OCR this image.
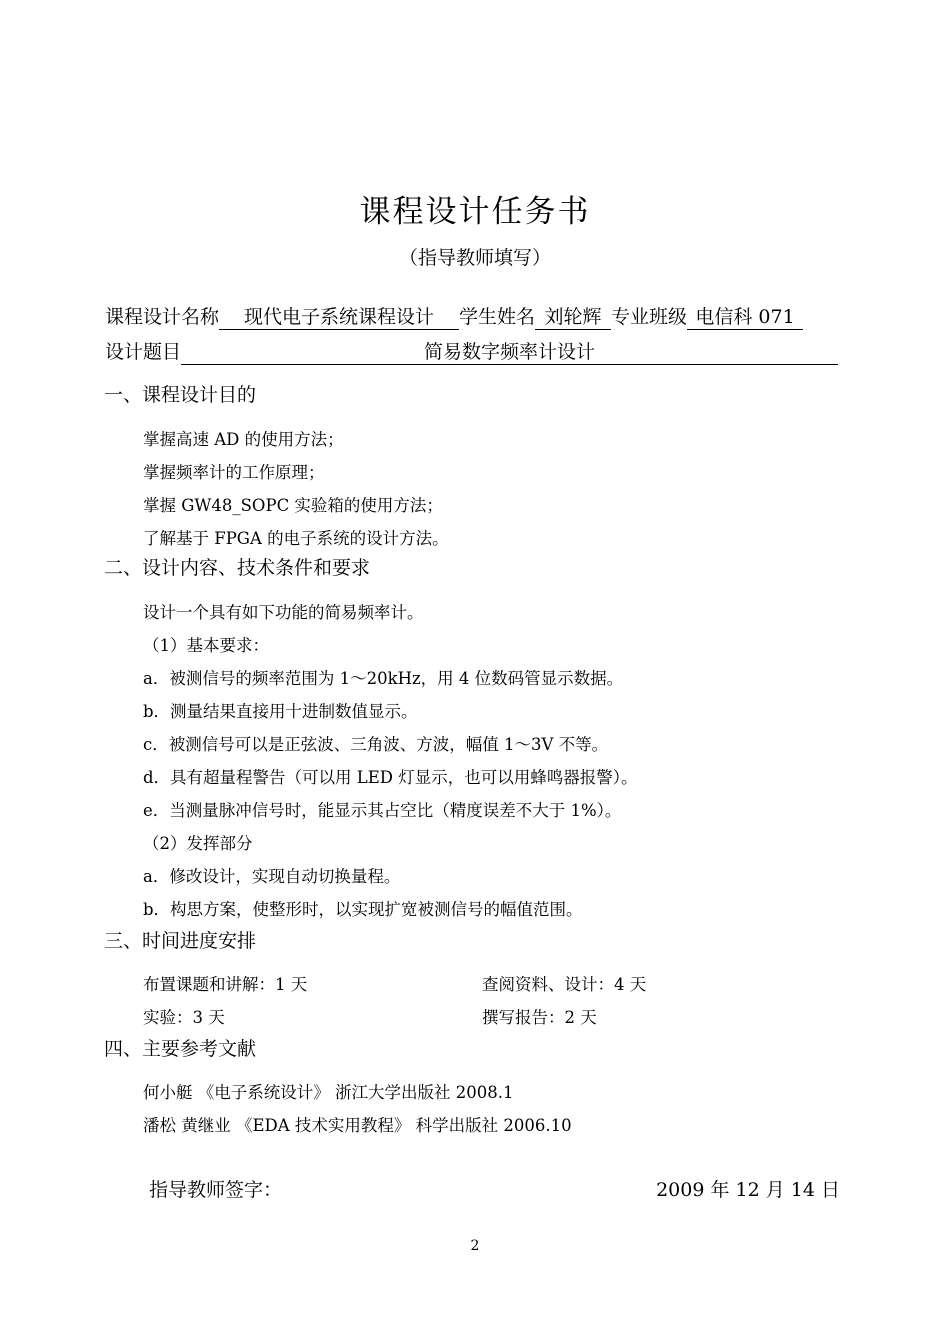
课程设计任务书
（指导教师填写）
课程设计名称	现代电子系统课程设计	学生姓名 刘轮辉 专业班级 电信科 071
设计题目	简易数字频率计设计
一、课程设计目的
掌握高速 AD 的使用方法；
掌握频率计的工作原理；
掌握 GW48_SOPC 实验箱的使用方法；
了解基于 FPGA 的电子系统的设计方法。
二、设计内容、技术条件和要求
设计一个具有如下功能的简易频率计。
（1）基本要求：
a．被测信号的频率范围为 1～20kHz，用 4 位数码管显示数据。
b．测量结果直接用十进制数值显示。
c．被测信号可以是正弦波、三角波、方波，幅值 1～3V 不等。
d．具有超量程警告（可以用 LED 灯显示，也可以用蜂鸣器报警）。
e．当测量脉冲信号时，能显示其占空比（精度误差不大于 1%）。
（2）发挥部分
a．修改设计，实现自动切换量程。
b．构思方案，使整形时，以实现扩宽被测信号的幅值范围。
三、时间进度安排
布置课题和讲解：1 天	查阅资料、设计：4 天
实验：3 天	撰写报告：2 天
四、主要参考文献
何小艇 《电子系统设计》 浙江大学出版社 2008.1
潘松 黄继业 《EDA 技术实用教程》 科学出版社 2006.10
指导教师签字：	2009 年 12 月 14 日
2
